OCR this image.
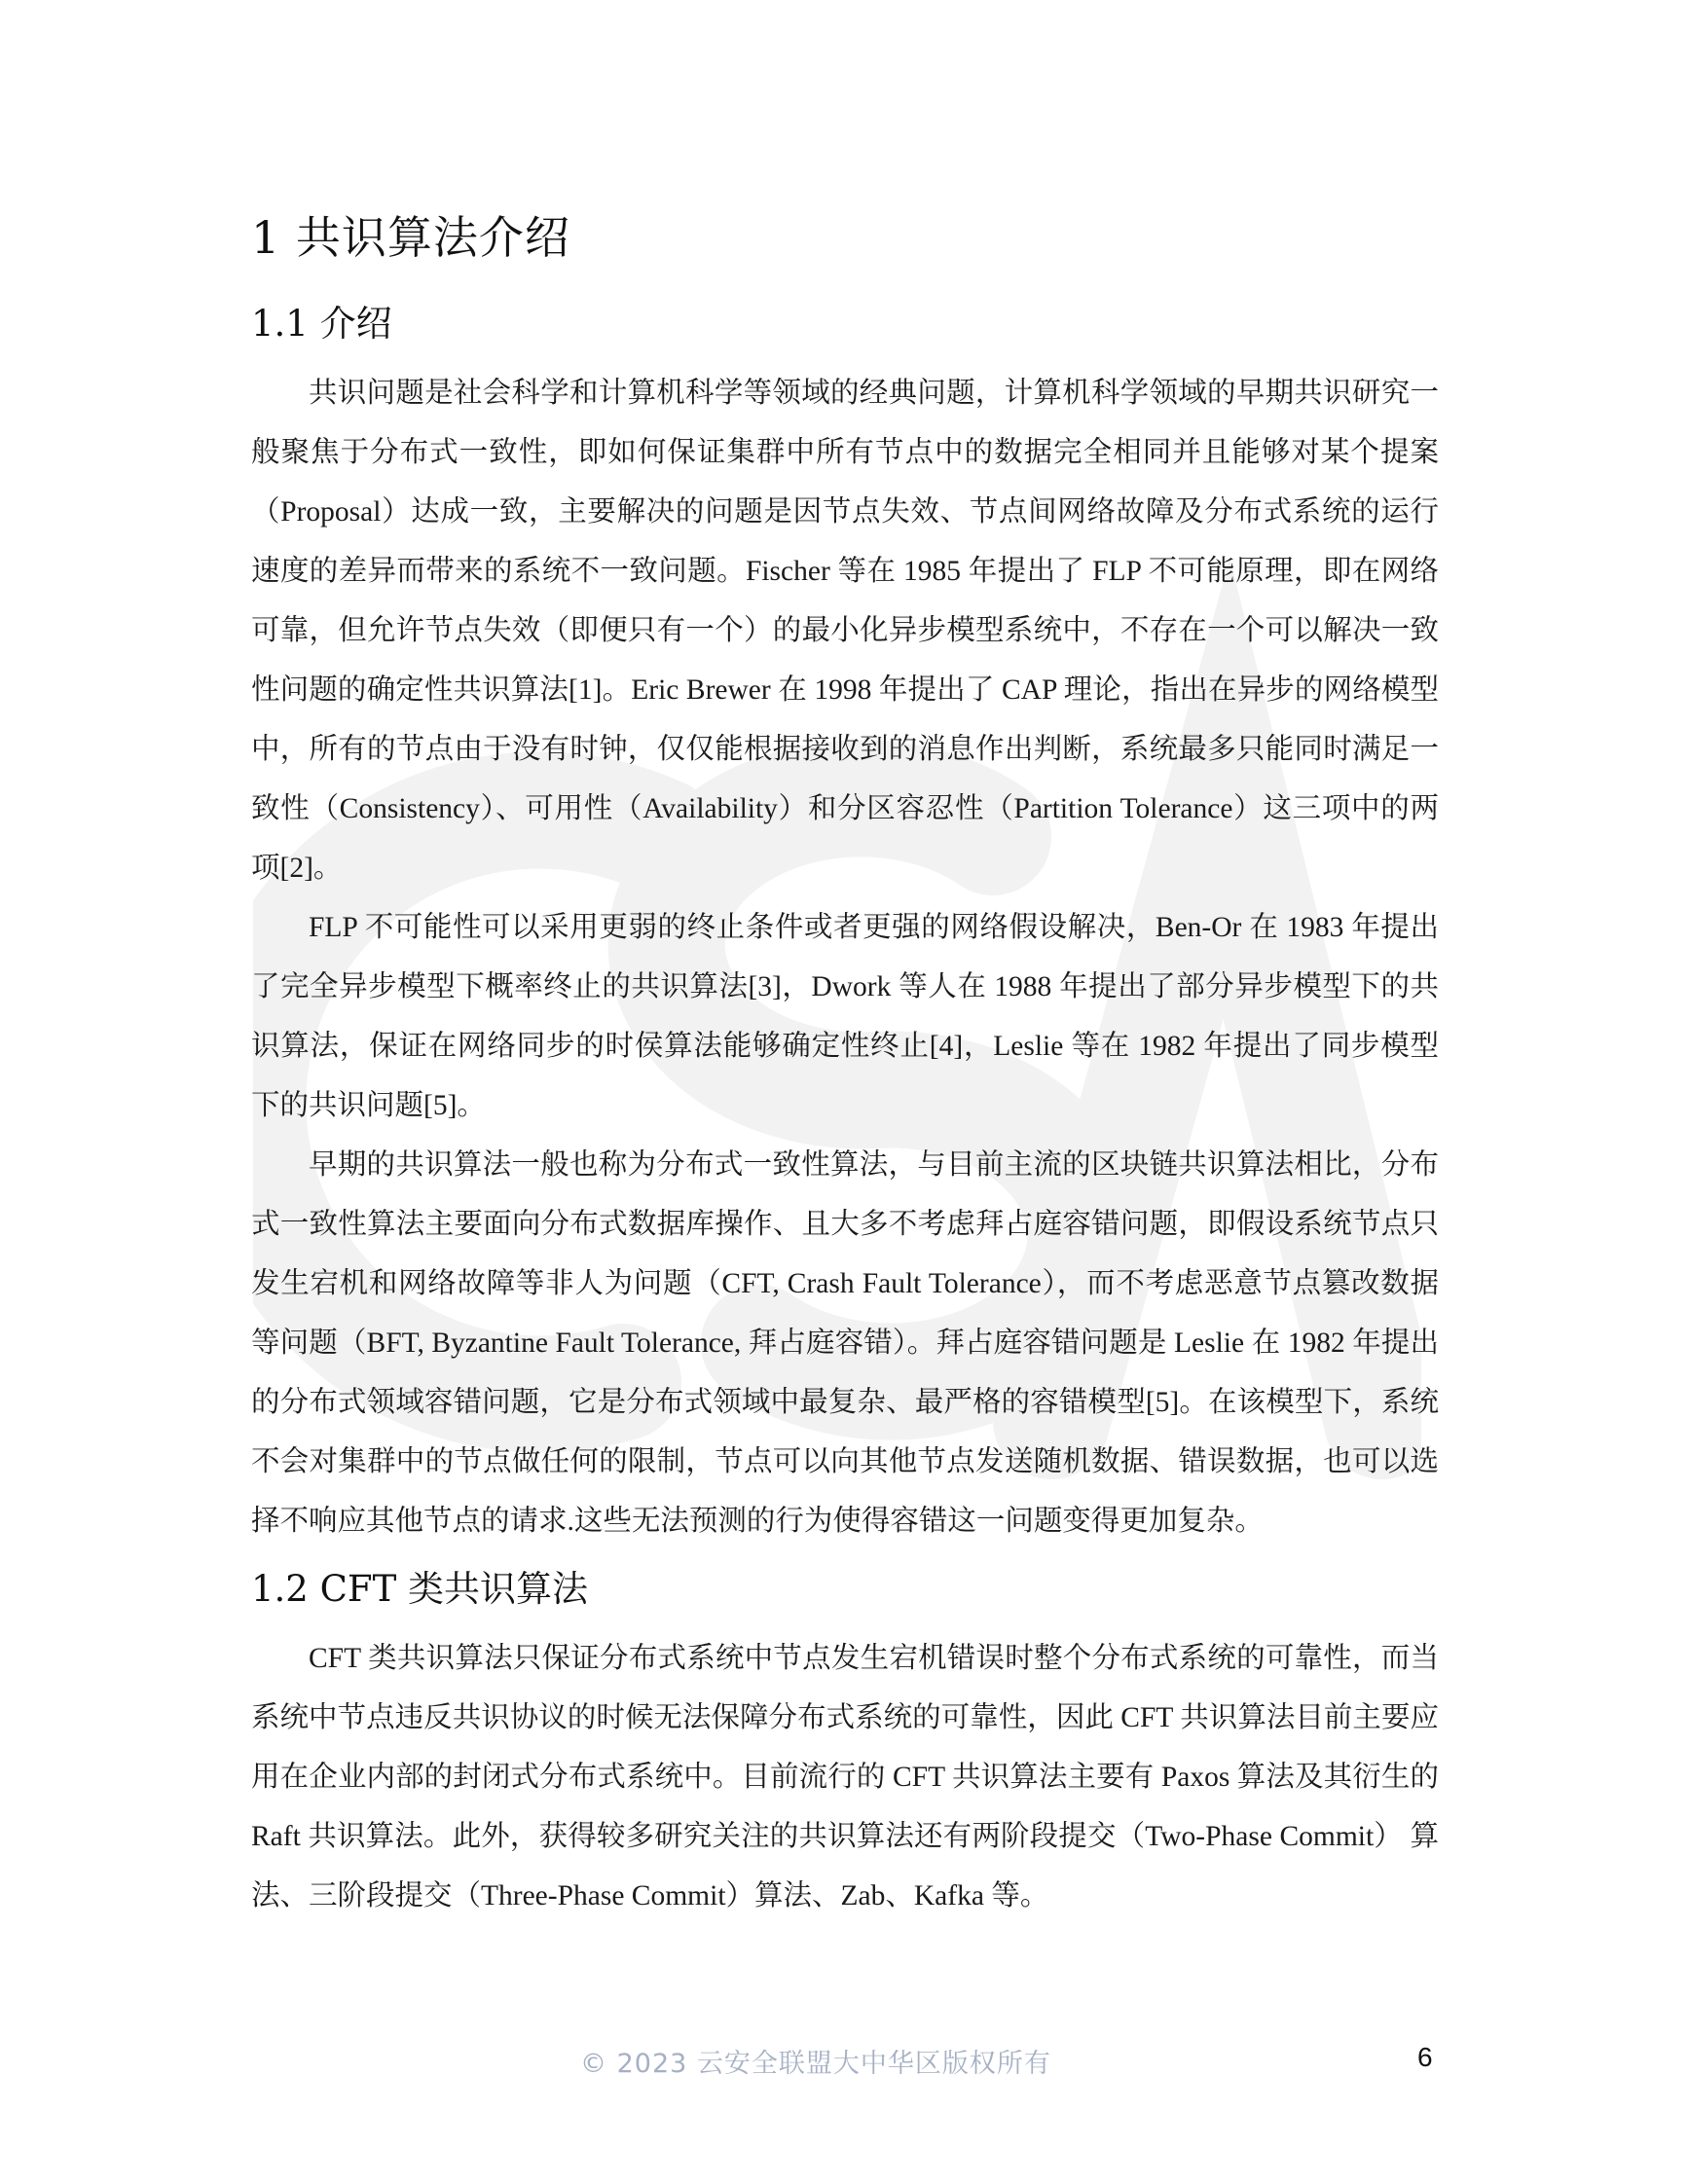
1 共识算法介绍
1.1 介绍

共识问题是社会科学和计算机科学等领域的经典问题，计算机科学领域的早期共识研究一般聚焦于分布式一致性，即如何保证集群中所有节点中的数据完全相同并且能够对某个提案（Proposal）达成一致，主要解决的问题是因节点失效、节点间网络故障及分布式系统的运行速度的差异而带来的系统不一致问题。Fischer 等在 1985 年提出了 FLP 不可能原理，即在网络可靠，但允许节点失效（即便只有一个）的最小化异步模型系统中，不存在一个可以解决一致性问题的确定性共识算法[1]。Eric Brewer 在 1998 年提出了 CAP 理论，指出在异步的网络模型中，所有的节点由于没有时钟，仅仅能根据接收到的消息作出判断，系统最多只能同时满足一致性（Consistency）、可用性（Availability）和分区容忍性（Partition Tolerance）这三项中的两项[2]。

FLP 不可能性可以采用更弱的终止条件或者更强的网络假设解决，Ben-Or 在 1983 年提出了完全异步模型下概率终止的共识算法[3]，Dwork 等人在 1988 年提出了部分异步模型下的共识算法，保证在网络同步的时侯算法能够确定性终止[4]，Leslie 等在 1982 年提出了同步模型下的共识问题[5]。

早期的共识算法一般也称为分布式一致性算法，与目前主流的区块链共识算法相比，分布式一致性算法主要面向分布式数据库操作、且大多不考虑拜占庭容错问题，即假设系统节点只发生宕机和网络故障等非人为问题（CFT, Crash Fault Tolerance），而不考虑恶意节点篡改数据等问题（BFT, Byzantine Fault Tolerance, 拜占庭容错）。拜占庭容错问题是 Leslie 在 1982 年提出的分布式领域容错问题，它是分布式领域中最复杂、最严格的容错模型[5]。在该模型下，系统不会对集群中的节点做任何的限制，节点可以向其他节点发送随机数据、错误数据，也可以选择不响应其他节点的请求.这些无法预测的行为使得容错这一问题变得更加复杂。

1.2 CFT 类共识算法

CFT 类共识算法只保证分布式系统中节点发生宕机错误时整个分布式系统的可靠性，而当系统中节点违反共识协议的时候无法保障分布式系统的可靠性，因此 CFT 共识算法目前主要应用在企业内部的封闭式分布式系统中。目前流行的 CFT 共识算法主要有 Paxos 算法及其衍生的 Raft 共识算法。此外，获得较多研究关注的共识算法还有两阶段提交（Two-Phase Commit） 算法、三阶段提交（Three-Phase Commit）算法、Zab、Kafka 等。

© 2023 云安全联盟大中华区版权所有	6
